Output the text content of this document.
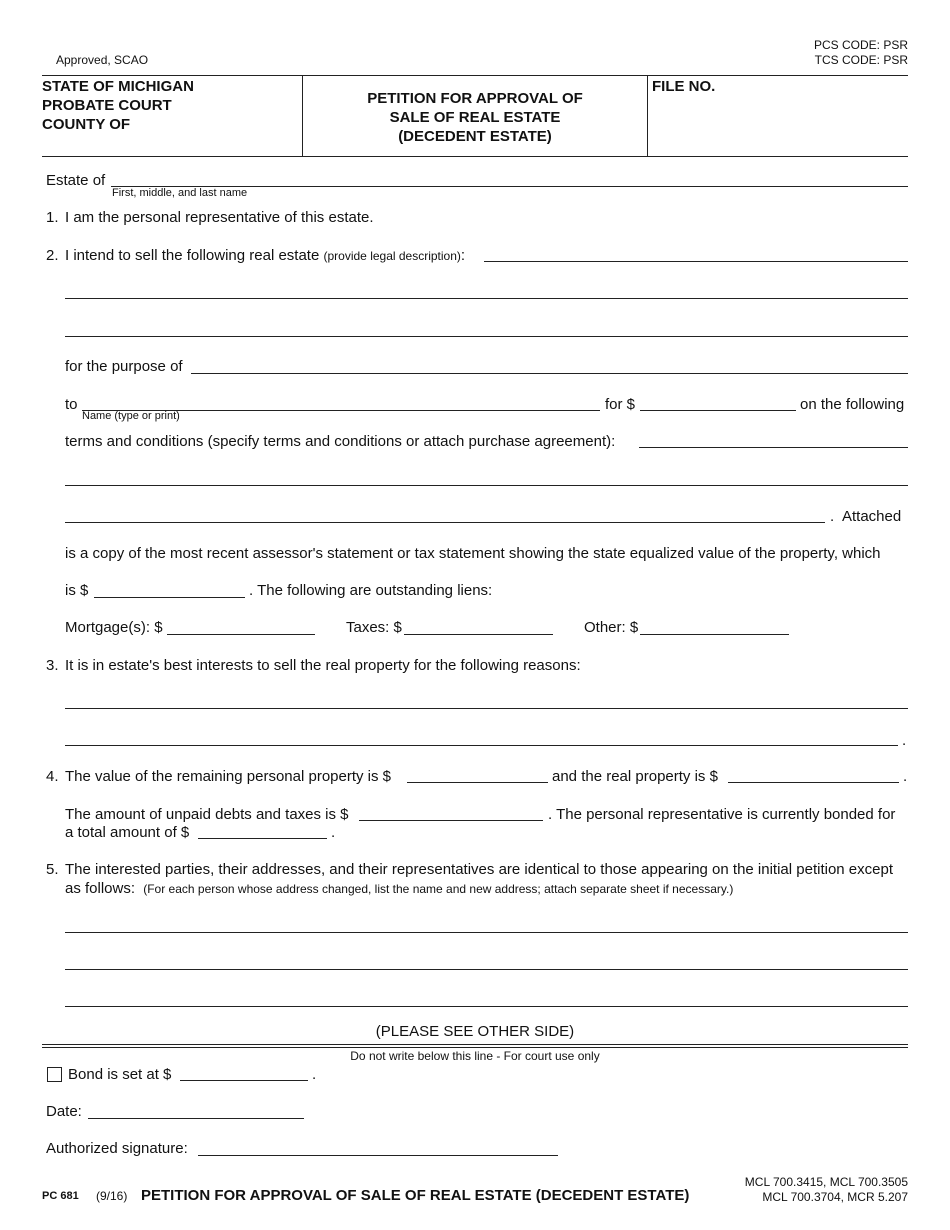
Approved, SCAO
PCS CODE: PSR
TCS CODE: PSR
STATE OF MICHIGAN
PROBATE COURT
COUNTY OF
PETITION FOR APPROVAL OF
SALE OF REAL ESTATE
(DECEDENT ESTATE)
FILE NO.
Estate of
First, middle, and last name
1. I am the personal representative of this estate.
2. I intend to sell the following real estate (provide legal description):
for the purpose of
to
Name (type or print)
for $	on the following
terms and conditions (specify terms and conditions or attach purchase agreement):
. Attached
is a copy of the most recent assessor's statement or tax statement showing the state equalized value of the property, which
is $	. The following are outstanding liens:
Mortgage(s): $	Taxes: $	Other: $
3. It is in estate's best interests to sell the real property for the following reasons:
.
4. The value of the remaining personal property is $	and the real property is $	.
The amount of unpaid debts and taxes is $	. The personal representative is currently bonded for
a total amount of $	.
5. The interested parties, their addresses, and their representatives are identical to those appearing on the initial petition except
as follows: (For each person whose address changed, list the name and new address; attach separate sheet if necessary.)
(PLEASE SEE OTHER SIDE)
Do not write below this line - For court use only
Bond is set at $	.
Date:
Authorized signature:
PC 681 (9/16) PETITION FOR APPROVAL OF SALE OF REAL ESTATE (DECEDENT ESTATE)
MCL 700.3415, MCL 700.3505
MCL 700.3704, MCR 5.207
